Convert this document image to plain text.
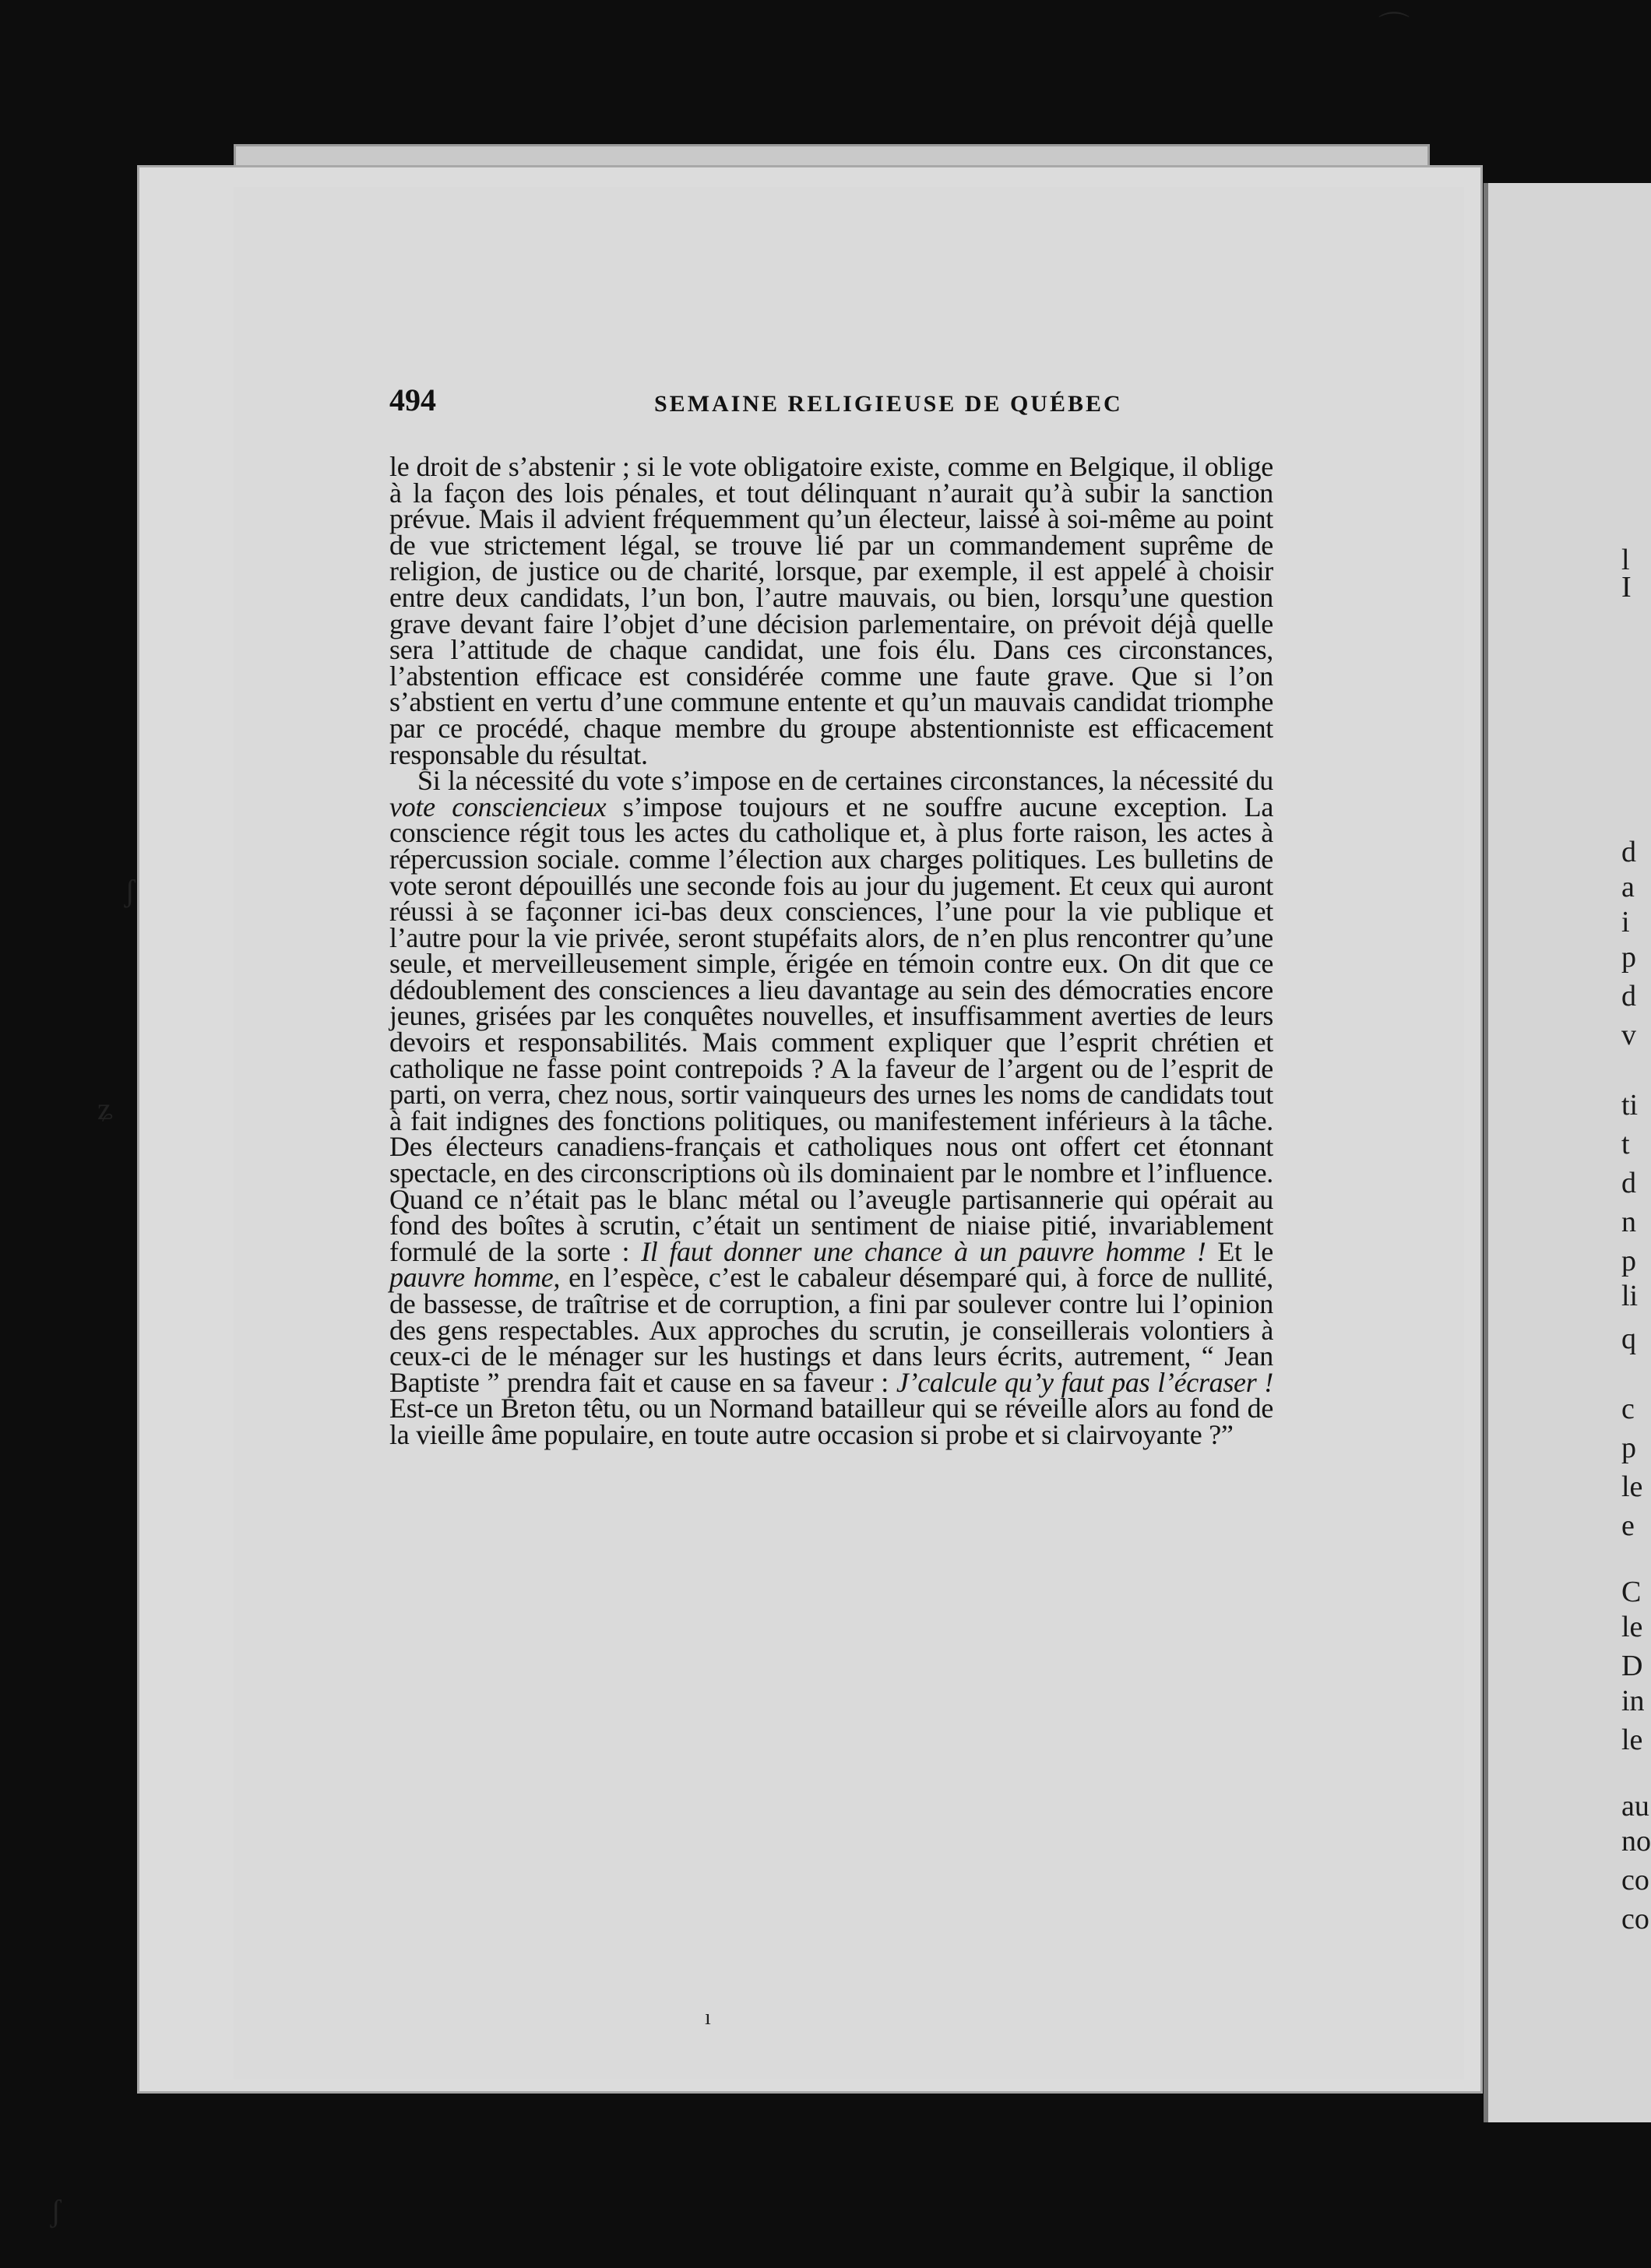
l
I
d
a
i
p
d
v
ti
t
d
n
p
li
q
c
p
le
e
C
le
D
in
le
au
no
co
co
494	SEMAINE RELIGIEUSE DE QUÉBEC

le droit de s’abstenir ; si le vote obligatoire existe, comme en Belgique, il oblige à la façon des lois pénales, et tout délinquant n’aurait qu’à subir la sanction prévue. Mais il advient fréquemment qu’un électeur, laissé à soi-même au point de vue strictement légal, se trouve lié par un commandement suprême de religion, de justice ou de charité, lorsque, par exemple, il est appelé à choisir entre deux candidats, l’un bon, l’autre mauvais, ou bien, lorsqu’une question grave devant faire l’objet d’une décision parlementaire, on prévoit déjà quelle sera l’attitude de chaque candidat, une fois élu. Dans ces circonstances, l’abstention efficace est considérée comme une faute grave. Que si l’on s’abstient en vertu d’une commune entente et qu’un mauvais candidat triomphe par ce procédé, chaque membre du groupe abstentionniste est efficacement responsable du résultat.

Si la nécessité du vote s’impose en de certaines circonstances, la nécessité du vote consciencieux s’impose toujours et ne souffre aucune exception. La conscience régit tous les actes du catholique et, à plus forte raison, les actes à répercussion sociale. comme l’élection aux charges politiques. Les bulletins de vote seront dépouillés une seconde fois au jour du jugement. Et ceux qui auront réussi à se façonner ici-bas deux consciences, l’une pour la vie publique et l’autre pour la vie privée, seront stupéfaits alors, de n’en plus rencontrer qu’une seule, et merveilleusement simple, érigée en témoin contre eux. On dit que ce dédoublement des consciences a lieu davantage au sein des démocraties encore jeunes, grisées par les conquêtes nouvelles, et insuffisamment averties de leurs devoirs et responsabilités. Mais comment expliquer que l’esprit chrétien et catholique ne fasse point contrepoids ? A la faveur de l’argent ou de l’esprit de parti, on verra, chez nous, sortir vainqueurs des urnes les noms de candidats tout à fait indignes des fonctions politiques, ou manifestement inférieurs à la tâche. Des électeurs canadiens-français et catholiques nous ont offert cet étonnant spectacle, en des circonscriptions où ils dominaient par le nombre et l’influence. Quand ce n’était pas le blanc métal ou l’aveugle partisannerie qui opérait au fond des boîtes à scrutin, c’était un sentiment de niaise pitié, invariablement formulé de la sorte : Il faut donner une chance à un pauvre homme ! Et le pauvre homme, en l’espèce, c’est le cabaleur désemparé qui, à force de nullité, de bassesse, de traîtrise et de corruption, a fini par soulever contre lui l’opinion des gens respectables. Aux approches du scrutin, je conseillerais volontiers à ceux-ci de le ménager sur les hustings et dans leurs écrits, autrement, “ Jean Baptiste ” prendra fait et cause en sa faveur : J’calcule qu’y faut pas l’écraser ! Est-ce un Breton têtu, ou un Normand batailleur qui se réveille alors au fond de la vieille âme populaire, en toute autre occasion si probe et si clairvoyante ?”

⌒
ʃ
ʑ
ʃ
ı
